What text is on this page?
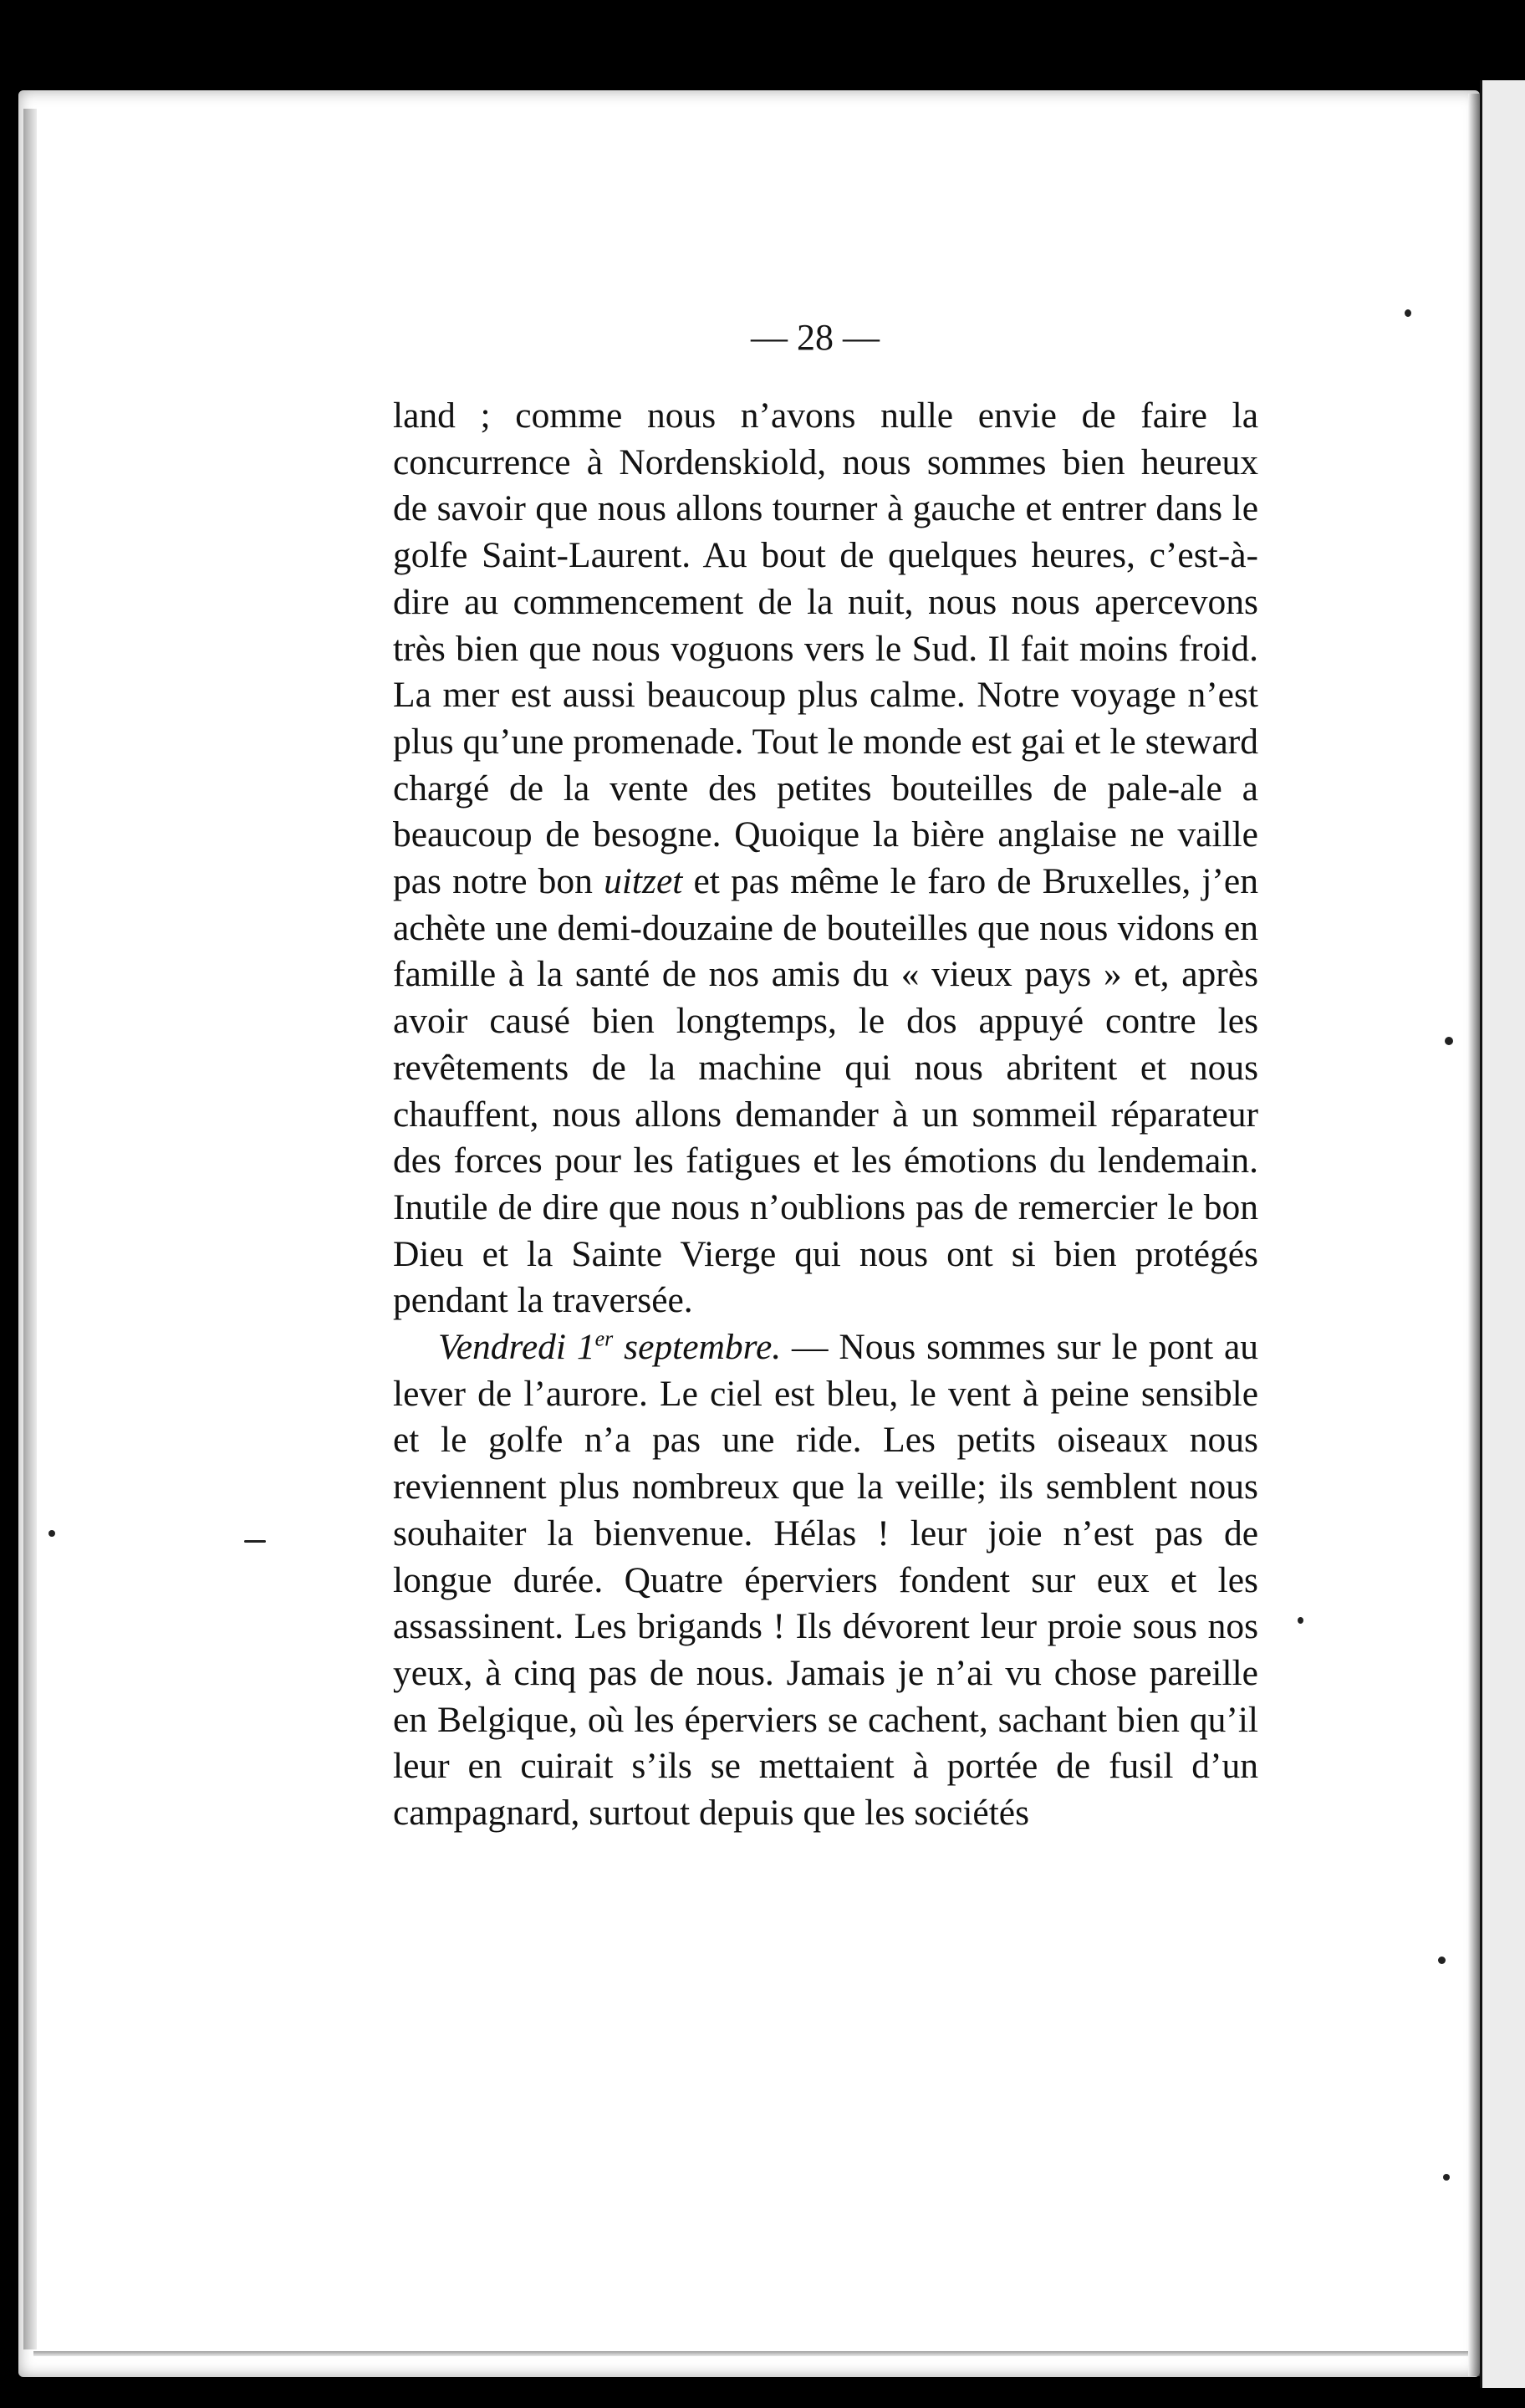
— 28 —

land ; comme nous n’avons nulle envie de faire la concurrence à Nordenskiold, nous sommes bien heureux de savoir que nous allons tourner à gauche et entrer dans le golfe Saint-Laurent. Au bout de quelques heures, c’est-à-dire au commencement de la nuit, nous nous apercevons très bien que nous voguons vers le Sud. Il fait moins froid. La mer est aussi beaucoup plus calme. Notre voyage n’est plus qu’une promenade. Tout le monde est gai et le steward chargé de la vente des petites bouteilles de pale-ale a beaucoup de besogne. Quoique la bière anglaise ne vaille pas notre bon uitzet et pas même le faro de Bruxelles, j’en achète une demi-douzaine de bouteilles que nous vidons en famille à la santé de nos amis du « vieux pays » et, après avoir causé bien longtemps, le dos appuyé contre les revêtements de la machine qui nous abritent et nous chauffent, nous allons demander à un sommeil réparateur des forces pour les fatigues et les émotions du lendemain. Inutile de dire que nous n’oublions pas de remercier le bon Dieu et la Sainte Vierge qui nous ont si bien protégés pendant la traversée.

Vendredi 1er septembre. — Nous sommes sur le pont au lever de l’aurore. Le ciel est bleu, le vent à peine sensible et le golfe n’a pas une ride. Les petits oiseaux nous reviennent plus nombreux que la veille; ils semblent nous souhaiter la bienvenue. Hélas ! leur joie n’est pas de longue durée. Quatre éperviers fondent sur eux et les assassinent. Les brigands ! Ils dévorent leur proie sous nos yeux, à cinq pas de nous. Jamais je n’ai vu chose pareille en Belgique, où les éperviers se cachent, sachant bien qu’il leur en cuirait s’ils se mettaient à portée de fusil d’un campagnard, surtout depuis que les sociétés
